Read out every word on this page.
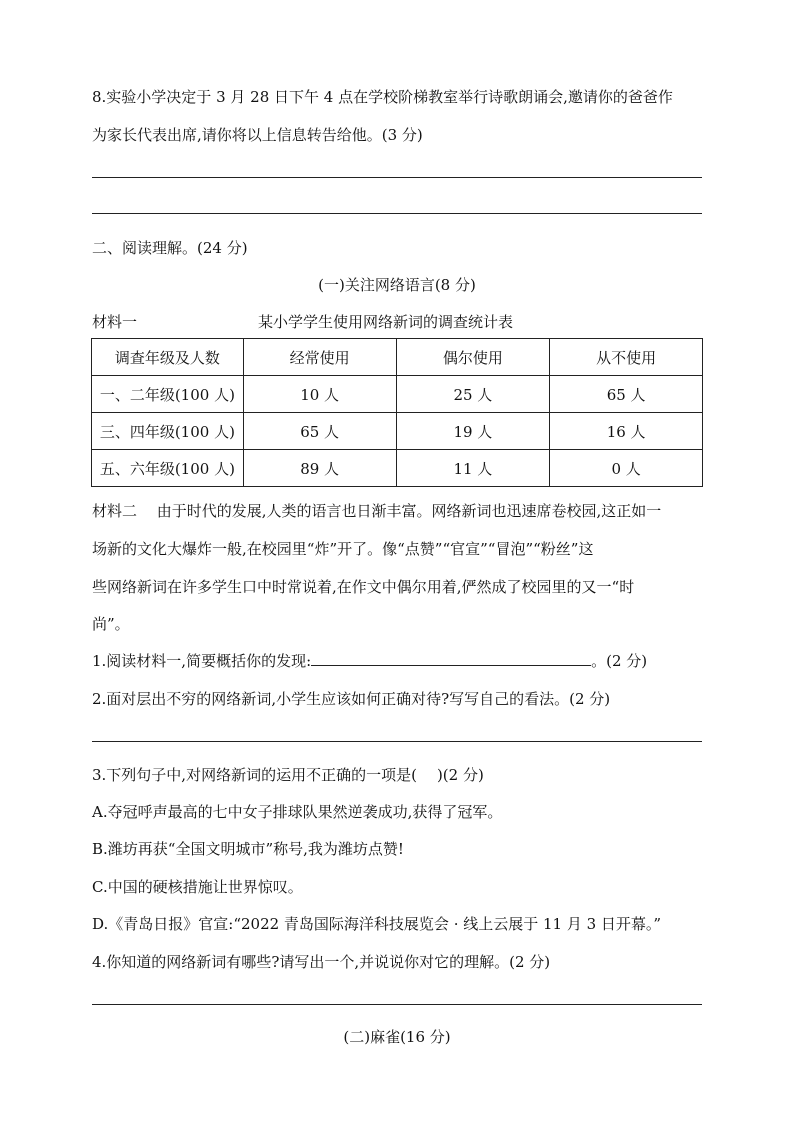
8.实验小学决定于 3 月 28 日下午 4 点在学校阶梯教室举行诗歌朗诵会,邀请你的爸爸作
为家长代表出席,请你将以上信息转告给他。(3 分)
二、阅读理解。(24 分)
(一)关注网络语言(8 分)
材料一	某小学学生使用网络新词的调查统计表
调查年级及人数	经常使用	偶尔使用	从不使用
一、二年级(100 人)	10 人	25 人	65 人
三、四年级(100 人)	65 人	19 人	16 人
五、六年级(100 人)	89 人	11 人	0 人
材料二　 由于时代的发展,人类的语言也日渐丰富。网络新词也迅速席卷校园,这正如一
场新的文化大爆炸一般,在校园里“炸”开了。像“点赞”“官宣”“冒泡”“粉丝”这
些网络新词在许多学生口中时常说着,在作文中偶尔用着,俨然成了校园里的又一“时
尚”。
1.阅读材料一,简要概括你的发现:	。(2 分)
2.面对层出不穷的网络新词,小学生应该如何正确对待?写写自己的看法。(2 分)
3.下列句子中,对网络新词的运用不正确的一项是( )(2 分)
A.夺冠呼声最高的七中女子排球队果然逆袭成功,获得了冠军。
B.潍坊再获“全国文明城市”称号,我为潍坊点赞!
C.中国的硬核措施让世界惊叹。
D.《青岛日报》官宣:“2022 青岛国际海洋科技展览会 · 线上云展于 11 月 3 日开幕。”
4.你知道的网络新词有哪些?请写出一个,并说说你对它的理解。(2 分)
(二)麻雀(16 分)
